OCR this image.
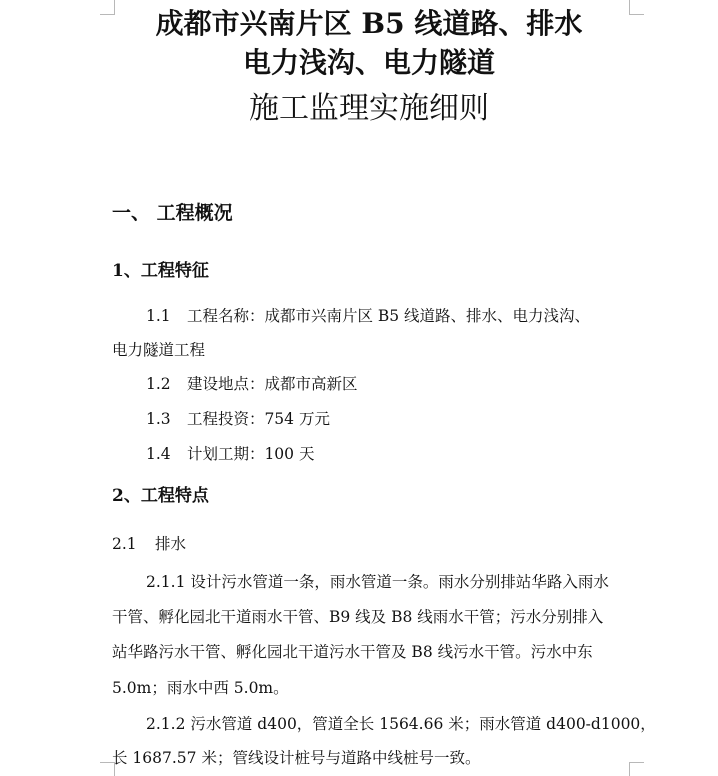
成都市兴南片区 B5 线道路、排水
电力浅沟、电力隧道
施工监理实施细则
一、 工程概况
1、工程特征
1.1 工程名称：成都市兴南片区 B5 线道路、排水、电力浅沟、
电力隧道工程
1.2 建设地点：成都市高新区
1.3 工程投资：754 万元
1.4 计划工期：100 天
2、工程特点
2.1 排水
2.1.1 设计污水管道一条，雨水管道一条。雨水分别排站华路入雨水
干管、孵化园北干道雨水干管、B9 线及 B8 线雨水干管；污水分别排入
站华路污水干管、孵化园北干道污水干管及 B8 线污水干管。污水中东
5.0m；雨水中西 5.0m。
2.1.2 污水管道 d400，管道全长 1564.66 米；雨水管道 d400-d1000，
长 1687.57 米；管线设计桩号与道路中线桩号一致。
